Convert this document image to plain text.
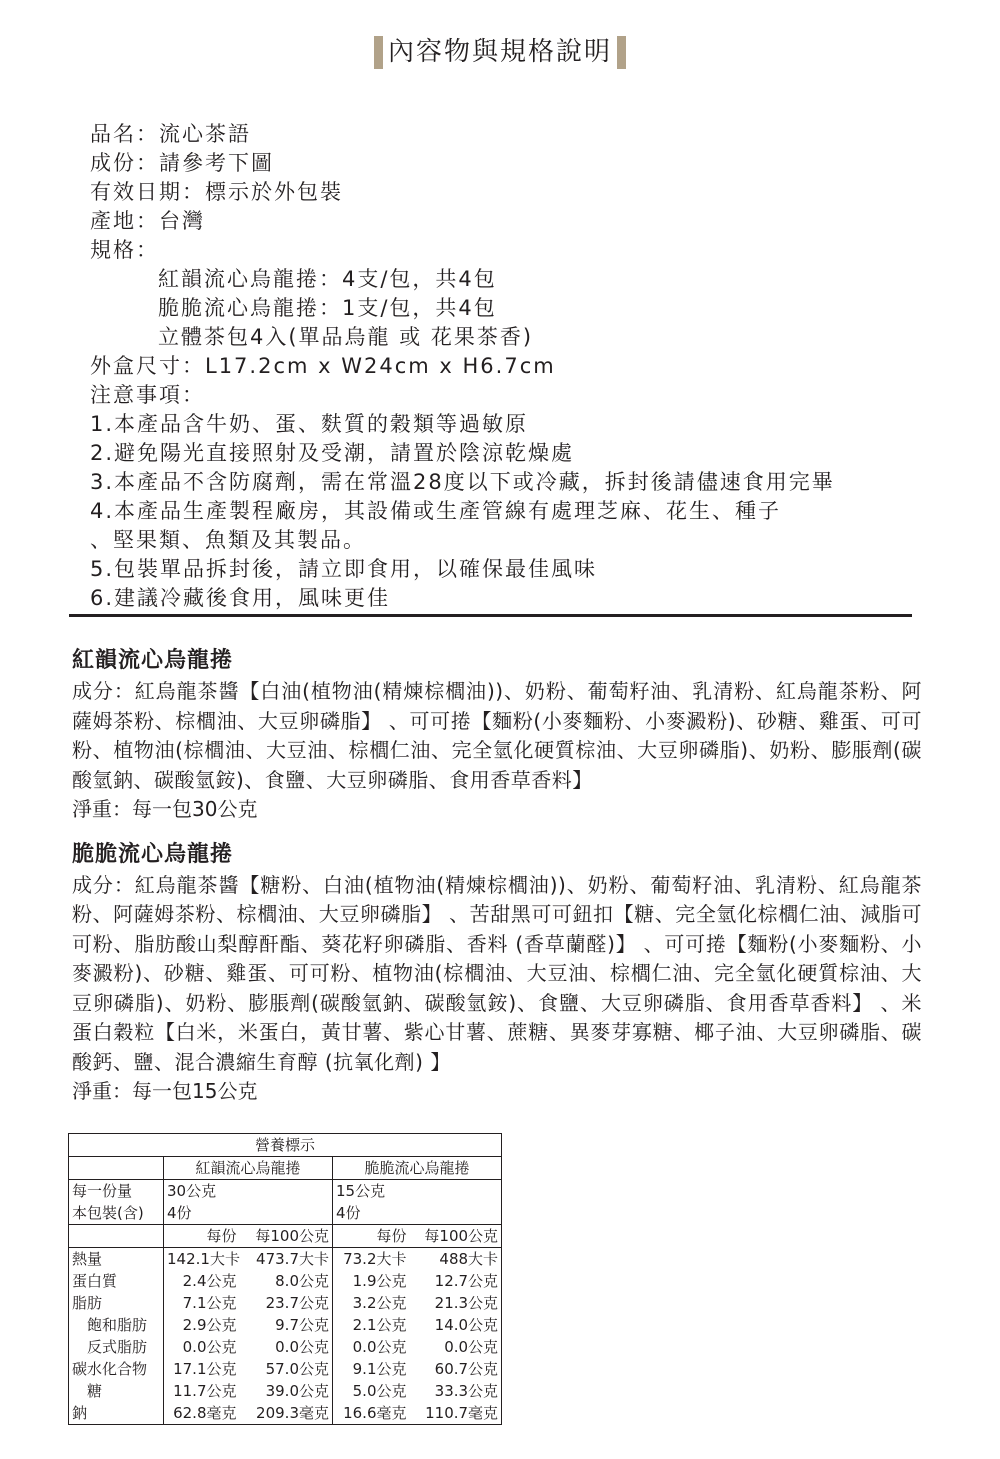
內容物與規格說明
品名：流心茶語
成份：請參考下圖
有效日期：標示於外包裝
產地：台灣
規格：
紅韻流心烏龍捲：4支/包，共4包
脆脆流心烏龍捲：1支/包，共4包
立體茶包4入(單品烏龍 或 花果茶香)
外盒尺寸：L17.2cm x W24cm x H6.7cm
注意事項：
1.本產品含牛奶、蛋、麩質的穀類等過敏原
2.避免陽光直接照射及受潮，請置於陰涼乾燥處
3.本產品不含防腐劑，需在常溫28度以下或冷藏，拆封後請儘速食用完畢
4.本產品生產製程廠房，其設備或生產管線有處理芝麻、花生、種子
、堅果類、魚類及其製品。
5.包裝單品拆封後，請立即食用，以確保最佳風味
6.建議冷藏後食用，風味更佳
紅韻流心烏龍捲
成分：紅烏龍茶醬【白油(植物油(精煉棕櫚油))、奶粉、葡萄籽油、乳清粉、紅烏龍茶粉、阿薩姆茶粉、棕櫚油、大豆卵磷脂】 、可可捲【麵粉(小麥麵粉、小麥澱粉)、砂糖、雞蛋、可可粉、植物油(棕櫚油、大豆油、棕櫚仁油、完全氫化硬質棕油、大豆卵磷脂)、奶粉、膨脹劑(碳酸氫鈉、碳酸氫銨)、食鹽、大豆卵磷脂、食用香草香料】
淨重：每一包30公克
脆脆流心烏龍捲
成分：紅烏龍茶醬【糖粉、白油(植物油(精煉棕櫚油))、奶粉、葡萄籽油、乳清粉、紅烏龍茶粉、阿薩姆茶粉、棕櫚油、大豆卵磷脂】 、苦甜黑可可鈕扣【糖、完全氫化棕櫚仁油、減脂可可粉、脂肪酸山梨醇酐酯、葵花籽卵磷脂、香料 (香草蘭醛)】 、可可捲【麵粉(小麥麵粉、小麥澱粉)、砂糖、雞蛋、可可粉、植物油(棕櫚油、大豆油、棕櫚仁油、完全氫化硬質棕油、大豆卵磷脂)、奶粉、膨脹劑(碳酸氫鈉、碳酸氫銨)、食鹽、大豆卵磷脂、食用香草香料】 、米蛋白穀粒【白米，米蛋白，黃甘薯、紫心甘薯、蔗糖、異麥芽寡糖、椰子油、大豆卵磷脂、碳酸鈣、鹽、混合濃縮生育醇 (抗氧化劑) 】
淨重：每一包15公克
營養標示				
	紅韻流心烏龍捲		脆脆流心烏龍捲	
每一份量	30公克		15公克	
本包裝(含)	4份		4份	
	每份	每100公克	每份	每100公克
熱量	142.1大卡	473.7大卡	73.2大卡	488大卡
蛋白質	2.4公克	8.0公克	1.9公克	12.7公克
脂肪	7.1公克	23.7公克	3.2公克	21.3公克
飽和脂肪	2.9公克	9.7公克	2.1公克	14.0公克
反式脂肪	0.0公克	0.0公克	0.0公克	0.0公克
碳水化合物	17.1公克	57.0公克	9.1公克	60.7公克
糖	11.7公克	39.0公克	5.0公克	33.3公克
鈉	62.8毫克	209.3毫克	16.6毫克	110.7毫克
